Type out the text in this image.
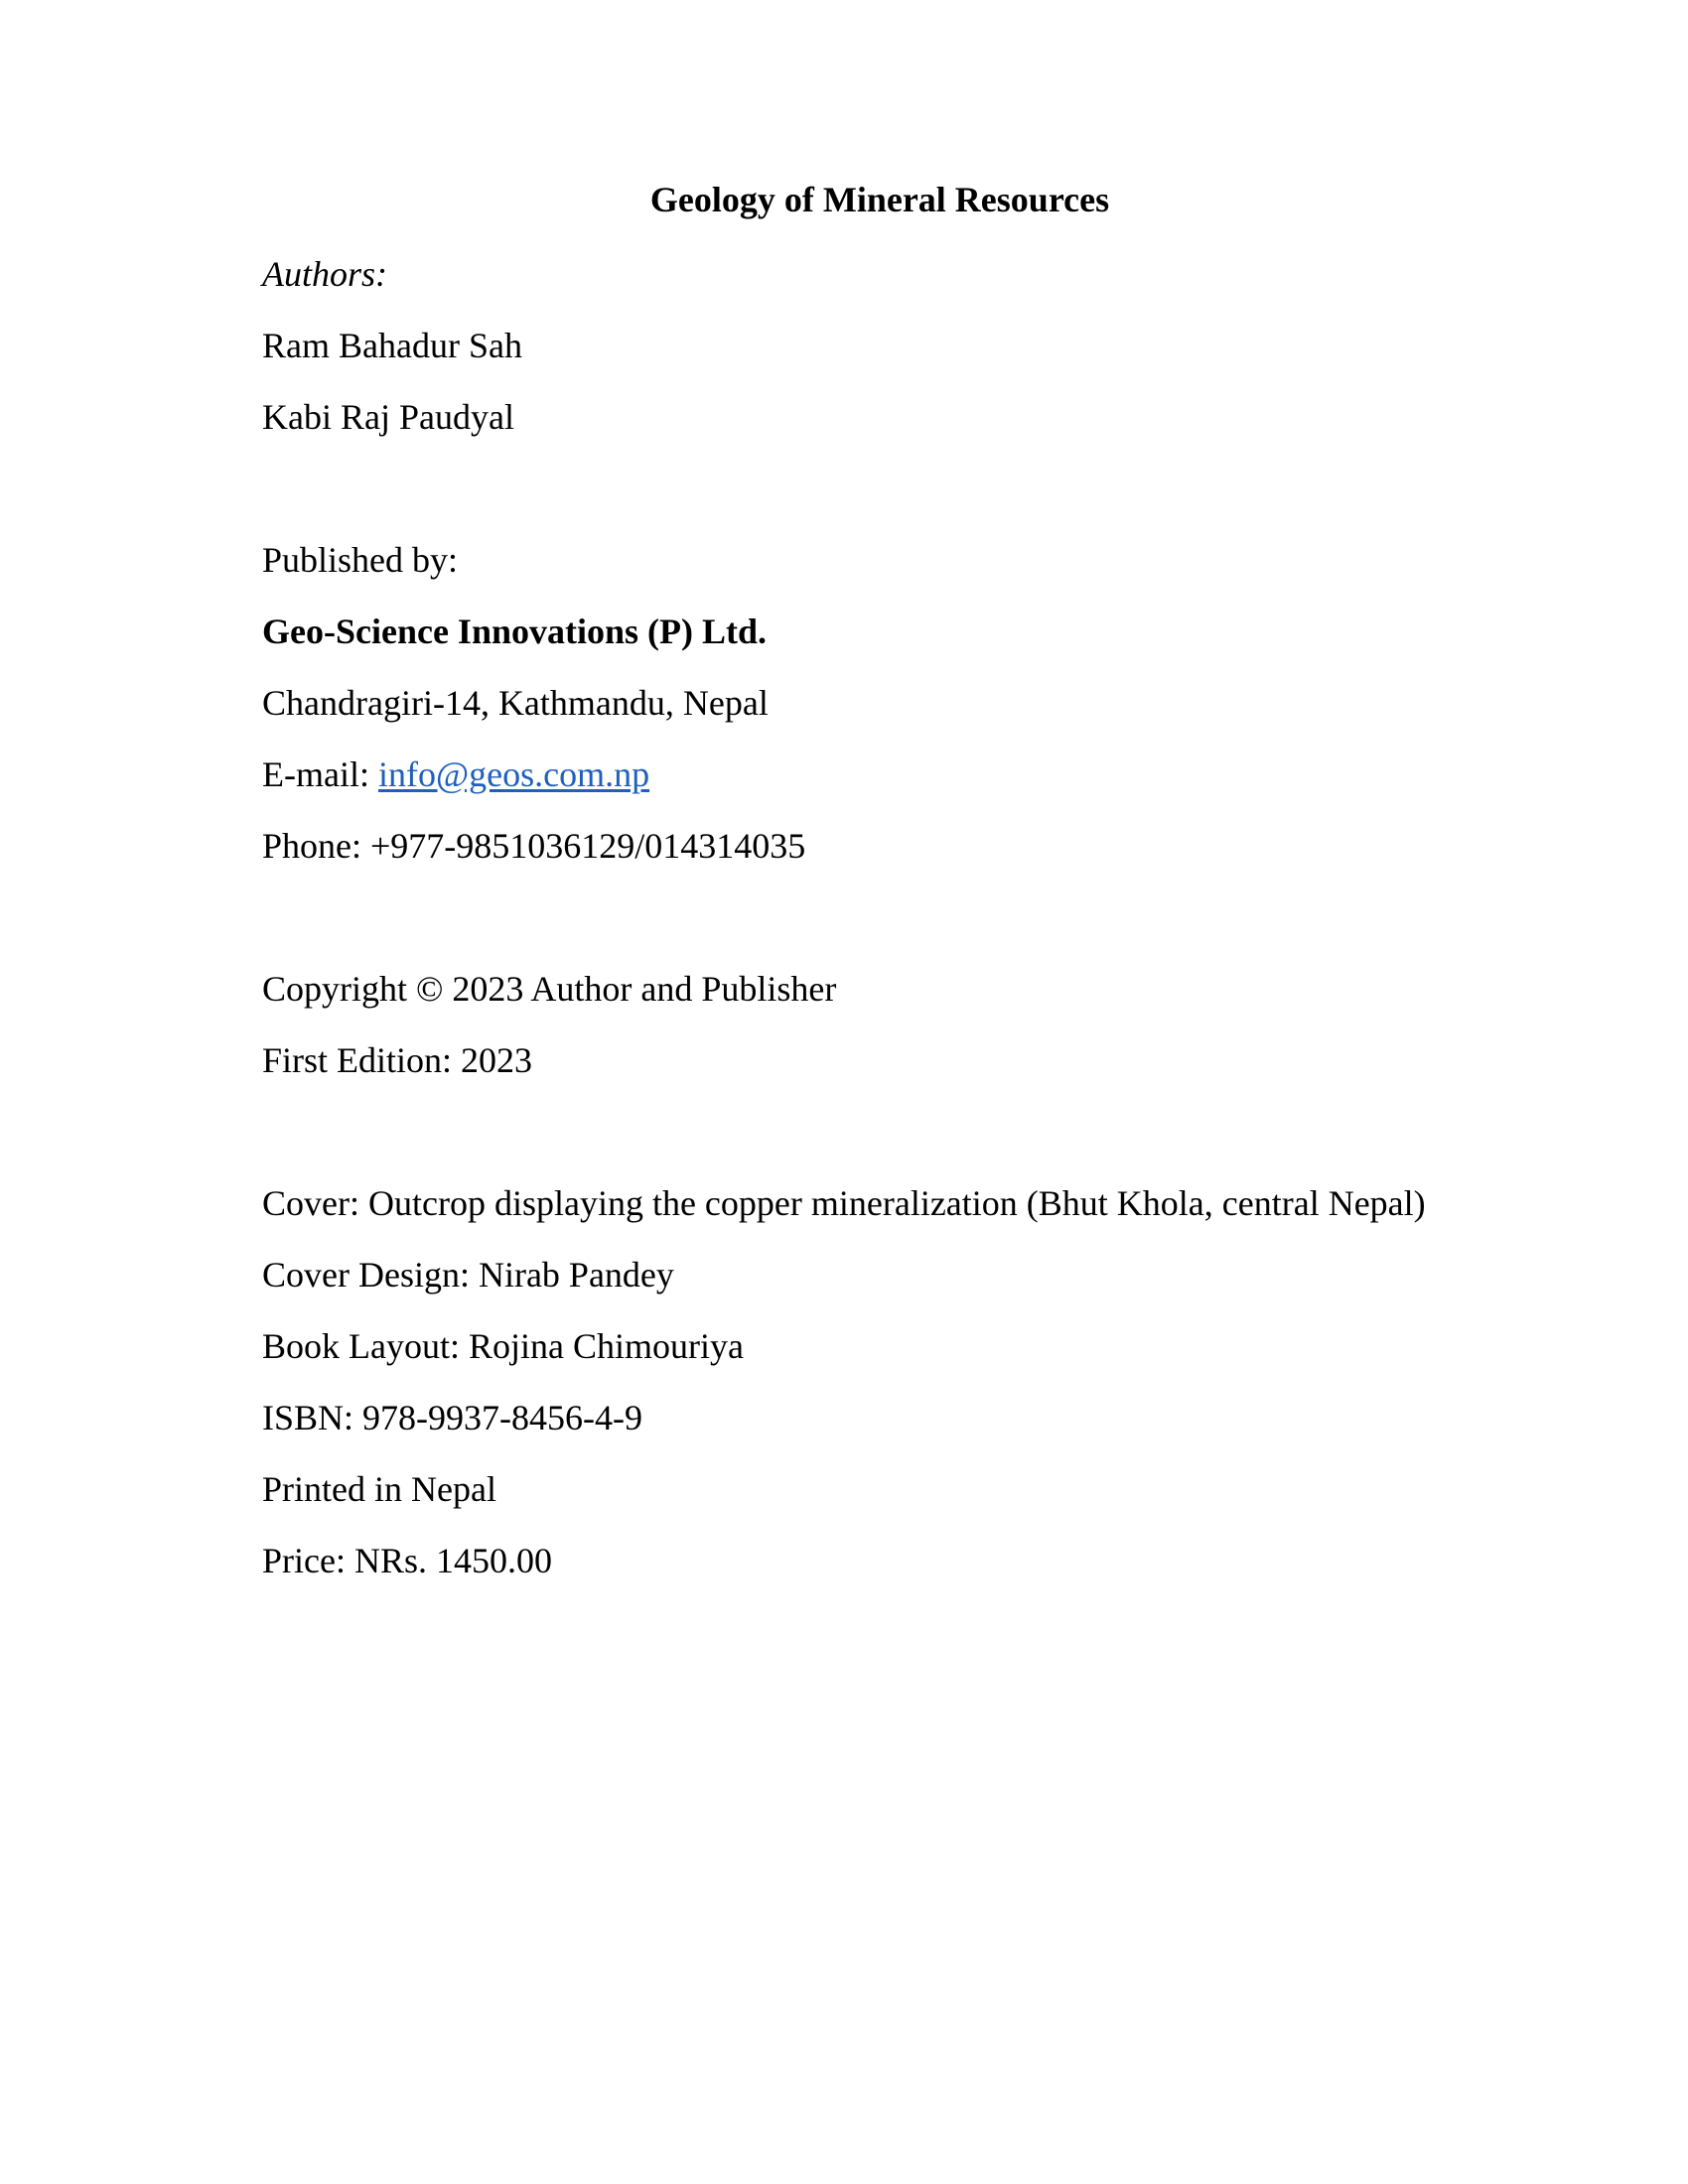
Geology of Mineral Resources
Authors:
Ram Bahadur Sah
Kabi Raj Paudyal
Published by:
Geo-Science Innovations (P) Ltd.
Chandragiri-14, Kathmandu, Nepal
E-mail: info@geos.com.np
Phone: +977-9851036129/014314035
Copyright © 2023 Author and Publisher
First Edition: 2023
Cover: Outcrop displaying the copper mineralization (Bhut Khola, central Nepal)
Cover Design: Nirab Pandey
Book Layout: Rojina Chimouriya
ISBN: 978-9937-8456-4-9
Printed in Nepal
Price: NRs. 1450.00
